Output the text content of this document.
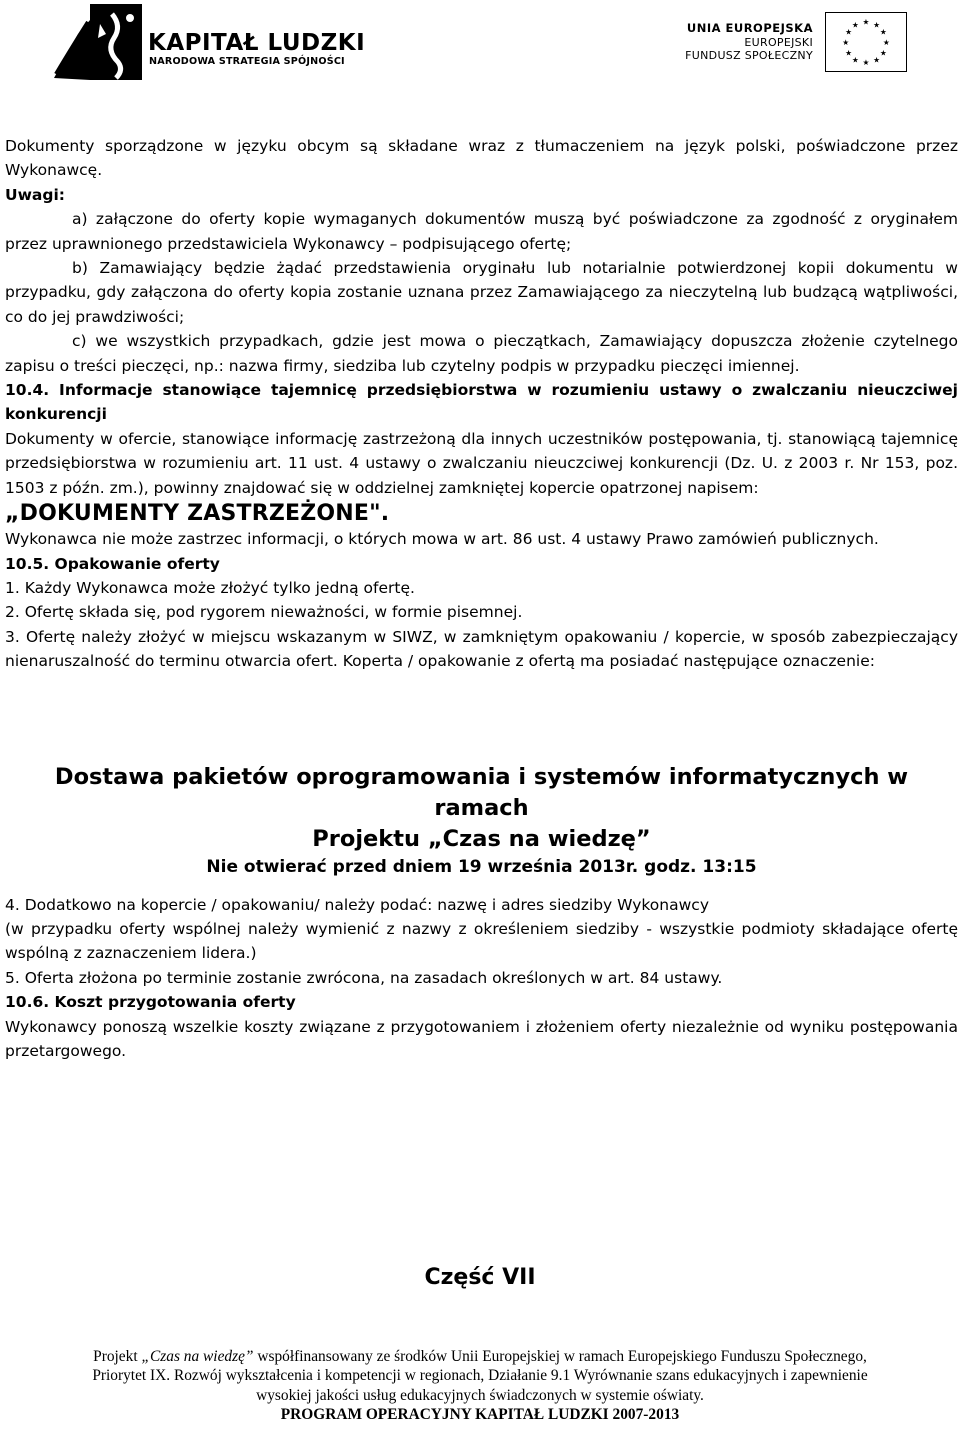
KAPITAŁ LUDZKI
NARODOWA STRATEGIA SPÓJNOŚCI
UNIA EUROPEJSKA
EUROPEJSKI
FUNDUSZ SPOŁECZNY
★ ★
★
★
★
★
★
★
★
★
★
★

Dokumenty sporządzone w języku obcym są składane wraz z tłumaczeniem na język polski, poświadczone przez Wykonawcę.

Uwagi:

a) załączone do oferty kopie wymaganych dokumentów muszą być poświadczone za zgodność z oryginałem przez uprawnionego przedstawiciela Wykonawcy – podpisującego ofertę;

b) Zamawiający będzie żądać przedstawienia oryginału lub notarialnie potwierdzonej kopii dokumentu w przypadku, gdy załączona do oferty kopia zostanie uznana przez Zamawiającego za nieczytelną lub budzącą wątpliwości, co do jej prawdziwości;

c) we wszystkich przypadkach, gdzie jest mowa o pieczątkach, Zamawiający dopuszcza złożenie czytelnego zapisu o treści pieczęci, np.: nazwa firmy, siedziba lub czytelny podpis w przypadku pieczęci imiennej.

10.4. Informacje stanowiące tajemnicę przedsiębiorstwa w rozumieniu ustawy o zwalczaniu nieuczciwej konkurencji

Dokumenty w ofercie, stanowiące informację zastrzeżoną dla innych uczestników postępowania, tj. stanowiącą tajemnicę przedsiębiorstwa w rozumieniu art. 11 ust. 4 ustawy o zwalczaniu nieuczciwej konkurencji (Dz. U. z 2003 r. Nr 153, poz. 1503 z późn. zm.), powinny znajdować się w oddzielnej zamkniętej kopercie opatrzonej napisem:

„DOKUMENTY ZASTRZEŻONE".

Wykonawca nie może zastrzec informacji, o których mowa w art. 86 ust. 4 ustawy Prawo zamówień publicznych.

10.5. Opakowanie oferty

1. Każdy Wykonawca może złożyć tylko jedną ofertę.

2. Ofertę składa się, pod rygorem nieważności, w formie pisemnej.

3. Ofertę należy złożyć w miejscu wskazanym w SIWZ, w zamkniętym opakowaniu / kopercie, w sposób zabezpieczający nienaruszalność do terminu otwarcia ofert. Koperta / opakowanie z ofertą ma posiadać następujące oznaczenie:

Dostawa pakietów oprogramowania i systemów informatycznych w ramach

Projektu „Czas na wiedzę”

Nie otwierać przed dniem 19 września 2013r. godz. 13:15

4. Dodatkowo na kopercie / opakowaniu/ należy podać: nazwę i adres siedziby Wykonawcy

(w przypadku oferty wspólnej należy wymienić z nazwy z określeniem siedziby - wszystkie podmioty składające ofertę wspólną z zaznaczeniem lidera.)

5. Oferta złożona po terminie zostanie zwrócona, na zasadach określonych w art. 84 ustawy.

10.6. Koszt przygotowania oferty

Wykonawcy ponoszą wszelkie koszty związane z przygotowaniem i złożeniem oferty niezależnie od wyniku postępowania przetargowego.

Część VII
Projekt „Czas na wiedzę” współfinansowany ze środków Unii Europejskiej w ramach Europejskiego Funduszu Społecznego,
Priorytet IX. Rozwój wykształcenia i kompetencji w regionach, Działanie 9.1 Wyrównanie szans edukacyjnych i zapewnienie
wysokiej jakości usług edukacyjnych świadczonych w systemie oświaty.
PROGRAM OPERACYJNY KAPITAŁ LUDZKI 2007-2013
